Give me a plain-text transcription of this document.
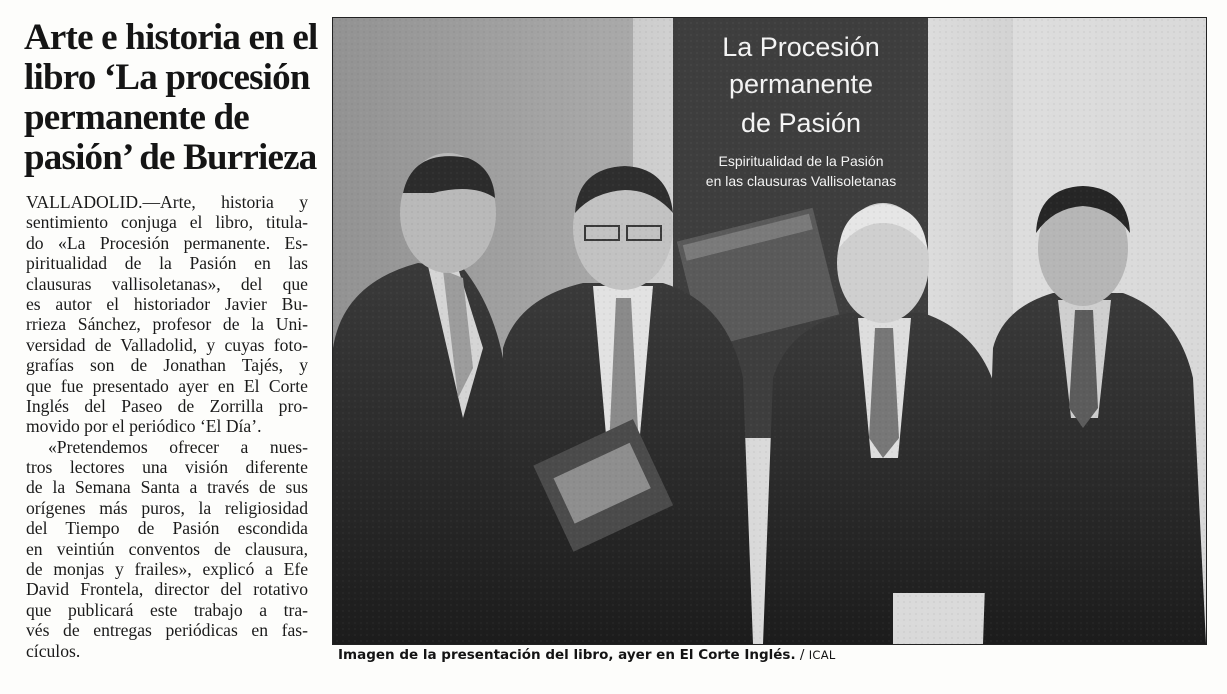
Arte e historia en el
libro ‘La procesión
permanente de
pasión’ de Burrieza

VALLADOLID.—Arte, historia y
sentimiento conjuga el libro, titula-
do «La Procesión permanente. Es-
piritualidad de la Pasión en las
clausuras vallisoletanas», del que
es autor el historiador Javier Bu-
rrieza Sánchez, profesor de la Uni-
versidad de Valladolid, y cuyas foto-
grafías son de Jonathan Tajés, y
que fue presentado ayer en El Corte
Inglés del Paseo de Zorrilla pro-
movido por el periódico ‘El Día’.

«Pretendemos ofrecer a nues-
tros lectores una visión diferente
de la Semana Santa a través de sus
orígenes más puros, la religiosidad
del Tiempo de Pasión escondida
en veintiún conventos de clausura,
de monjas y frailes», explicó a Efe
David Frontela, director del rotativo
que publicará este trabajo a tra-
vés de entregas periódicas en fas-
cículos.	Imagen de la presentación del libro, ayer en El Corte Inglés. / ICAL
